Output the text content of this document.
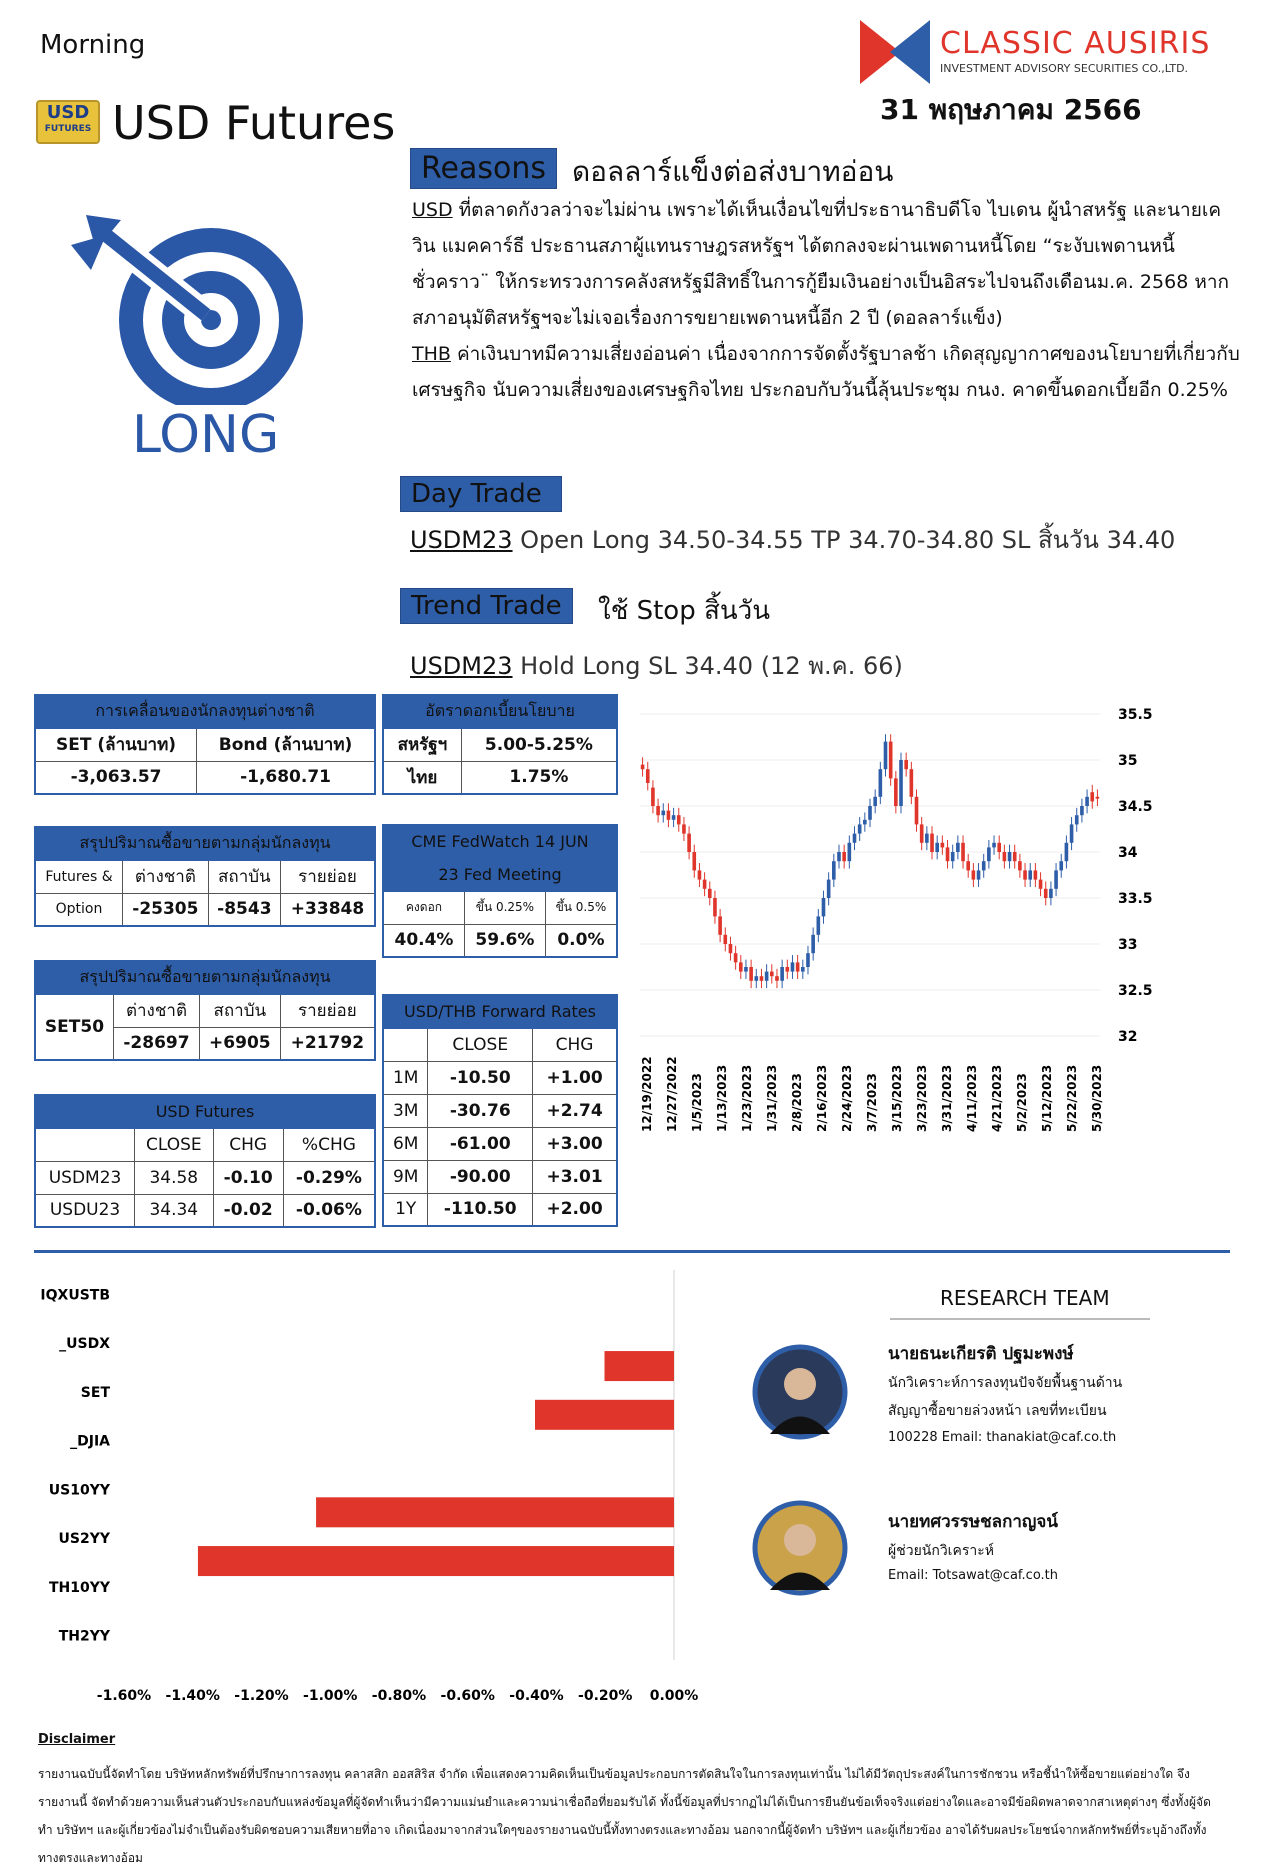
Morning
USD
FUTURES USD Futures
CLASSIC AUSIRIS
INVESTMENT ADVISORY SECURITIES CO.,LTD.
31 พฤษภาคม 2566
LONG
Reasons ดอลลาร์แข็งต่อส่งบาทอ่อน
USD ที่ตลาดกังวลว่าจะไม่ผ่าน เพราะได้เห็นเงื่อนไขที่ประธานาธิบดีโจ ไบเดน ผู้นำสหรัฐ และนายเควิน แมคคาร์ธี ประธานสภาผู้แทนราษฎรสหรัฐฯ ได้ตกลงจะผ่านเพดานหนี้โดย “ระงับเพดานหนี้ชั่วคราว¨ ให้กระทรวงการคลังสหรัฐมีสิทธิ์ในการกู้ยืมเงินอย่างเป็นอิสระไปจนถึงเดือนม.ค. 2568 หากสภาอนุมัติสหรัฐฯจะไม่เจอเรื่องการขยายเพดานหนี้อีก 2 ปี (ดอลลาร์แข็ง)
THB ค่าเงินบาทมีความเสี่ยงอ่อนค่า เนื่องจากการจัดตั้งรัฐบาลช้า เกิดสุญญากาศของนโยบายที่เกี่ยวกับเศรษฐกิจ นับความเสี่ยงของเศรษฐกิจไทย ประกอบกับวันนี้ลุ้นประชุม กนง. คาดขึ้นดอกเบี้ยอีก 0.25%
Day Trade
USDM23 Open Long 34.50-34.55 TP 34.70-34.80 SL สิ้นวัน 34.40
Trend Trade	ใช้ Stop สิ้นวัน
USDM23 Hold Long SL 34.40 (12 พ.ค. 66)
การเคลื่อนของนักลงทุนต่างชาติ	
SET (ล้านบาท)	Bond (ล้านบาท)
-3,063.57	-1,680.71
อัตราดอกเบี้ยนโยบาย	
สหรัฐฯ	5.00-5.25%
ไทย	1.75%
สรุปปริมาณซื้อขายตามกลุ่มนักลงทุน			
Futures &	ต่างชาติ	สถาบัน	รายย่อย
Option	-25305	-8543	+33848
CME FedWatch 14 JUN		
23 Fed Meeting		
คงดอก	ขึ้น 0.25%	ขึ้น 0.5%
40.4%	59.6%	0.0%
สรุปปริมาณซื้อขายตามกลุ่มนักลงทุน			
SET50	ต่างชาติ	สถาบัน	รายย่อย
	-28697	+6905	+21792
USD/THB Forward Rates		
	CLOSE	CHG
1M	-10.50	+1.00
3M	-30.76	+2.74
6M	-61.00	+3.00
9M	-90.00	+3.01
1Y	-110.50	+2.00
USD Futures			
	CLOSE	CHG	%CHG
USDM23	34.58	-0.10	-0.29%
USDU23	34.34	-0.02	-0.06%
35.5
35
34.5
34
33.5
33
32.5
32
12/19/2022 12/27/2022 1/5/2023 1/13/2023 1/23/2023 1/31/2023 2/8/2023 2/16/2023 2/24/2023 3/7/2023 3/15/2023 3/23/2023 3/31/2023 4/11/2023 4/21/2023 5/2/2023 5/12/2023 5/22/2023 5/30/2023
IQXUSTB
_USDX
SET
_DJIA
US10YY
US2YY
TH10YY
TH2YY
-1.60% -1.40% -1.20% -1.00% -0.80% -0.60% -0.40% -0.20% 0.00%
RESEARCH TEAM
นายธนะเกียรติ ปฐมะพงษ์
นักวิเคราะห์การลงทุนปัจจัยพื้นฐานด้าน
สัญญาซื้อขายล่วงหน้า เลขที่ทะเบียน
100228 Email: thanakiat@caf.co.th
นายทศวรรษชลกาญจน์
ผู้ช่วยนักวิเคราะห์
Email: Totsawat@caf.co.th
Disclaimer
รายงานฉบับนี้จัดทำโดย บริษัทหลักทรัพย์ที่ปรึกษาการลงทุน คลาสสิก ออสสิริส จำกัด เพื่อแสดงความคิดเห็นเป็นข้อมูลประกอบการตัดสินใจในการลงทุนเท่านั้น ไม่ได้มีวัตถุประสงค์ในการชักชวน หรือชี้นำให้ซื้อขายแต่อย่างใด จึงรายงานนี้ จัดทำด้วยความเห็นส่วนตัวประกอบกับแหล่งข้อมูลที่ผู้จัดทำเห็นว่ามีความแม่นยำและความน่าเชื่อถือที่ยอมรับได้ ทั้งนี้ข้อมูลที่ปรากฏไม่ได้เป็นการยืนยันข้อเท็จจริงแต่อย่างใดและอาจมีข้อผิดพลาดจากสาเหตุต่างๆ ซึ่งทั้งผู้จัดทำ บริษัทฯ และผู้เกี่ยวข้องไม่จำเป็นต้องรับผิดชอบความเสียหายที่อาจ เกิดเนื่องมาจากส่วนใดๆของรายงานฉบับนี้ทั้งทางตรงและทางอ้อม นอกจากนี้ผู้จัดทำ บริษัทฯ และผู้เกี่ยวข้อง อาจได้รับผลประโยชน์จากหลักทรัพย์ที่ระบุอ้างถึงทั้งทางตรงและทางอ้อม
